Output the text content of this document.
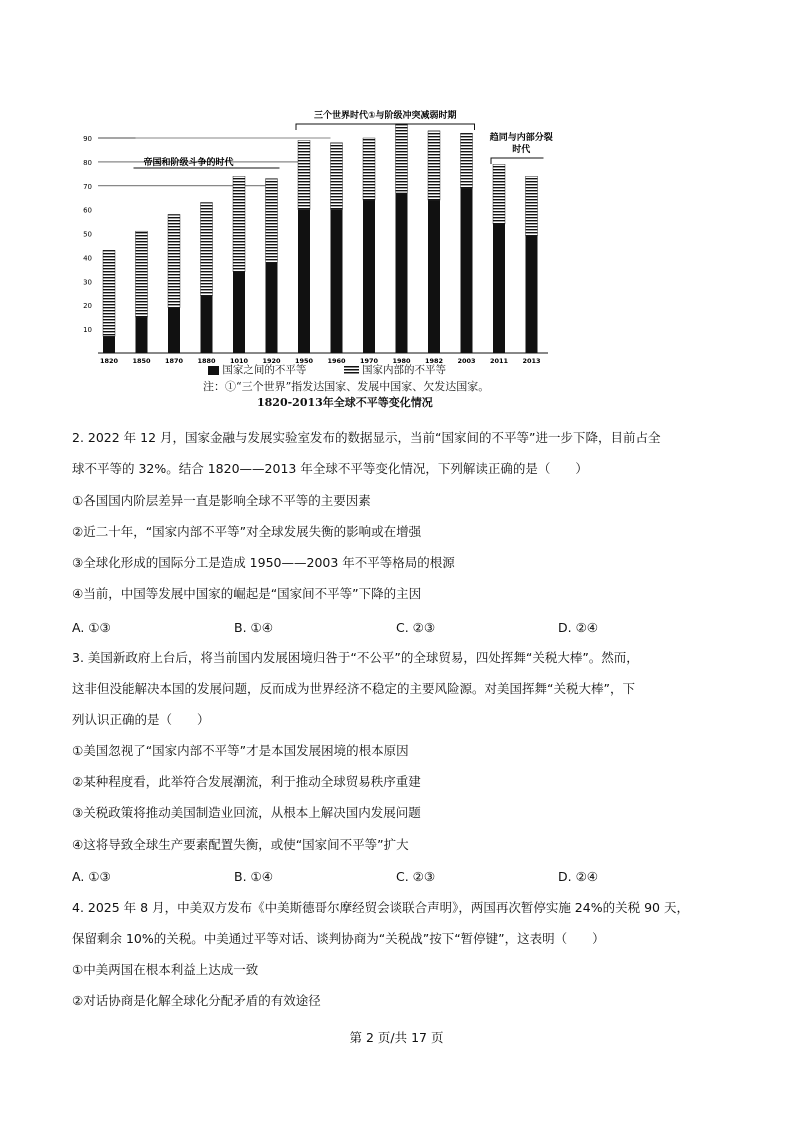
10
20
30
40
50
60
70
80
90
1820 1850 1870 1880 1010 1920 1950 1960 1970 1980 1982 2003 2011 2013
帝国和阶级斗争的时代
三个世界时代①与阶级冲突减弱时期
趋同与内部分裂时代
国家之间的不平等	国家内部的不平等
注：①“三个世界”指发达国家、发展中国家、欠发达国家。
1820-2013年全球不平等变化情况
2. 2022 年 12 月，国家金融与发展实验室发布的数据显示，当前“国家间的不平等”进一步下降，目前占全
球不平等的 32%。结合 1820——2013 年全球不平等变化情况，下列解读正确的是（　　）
①各国国内阶层差异一直是影响全球不平等的主要因素
②近二十年，“国家内部不平等”对全球发展失衡的影响或在增强
③全球化形成的国际分工是造成 1950——2003 年不平等格局的根源
④当前，中国等发展中国家的崛起是“国家间不平等”下降的主因
A. ①③	B. ①④	C. ②③	D. ②④
3. 美国新政府上台后，将当前国内发展困境归咎于“不公平”的全球贸易，四处挥舞“关税大棒”。然而，
这非但没能解决本国的发展问题，反而成为世界经济不稳定的主要风险源。对美国挥舞“关税大棒”，下
列认识正确的是（　　）
①美国忽视了“国家内部不平等”才是本国发展困境的根本原因
②某种程度看，此举符合发展潮流，利于推动全球贸易秩序重建
③关税政策将推动美国制造业回流，从根本上解决国内发展问题
④这将导致全球生产要素配置失衡，或使“国家间不平等”扩大
A. ①③	B. ①④	C. ②③	D. ②④
4. 2025 年 8 月，中美双方发布《中美斯德哥尔摩经贸会谈联合声明》，两国再次暂停实施 24%的关税 90 天，
保留剩余 10%的关税。中美通过平等对话、谈判协商为“关税战”按下“暂停键”，这表明（　　）
①中美两国在根本利益上达成一致
②对话协商是化解全球化分配矛盾的有效途径
第 2 页/共 17 页
